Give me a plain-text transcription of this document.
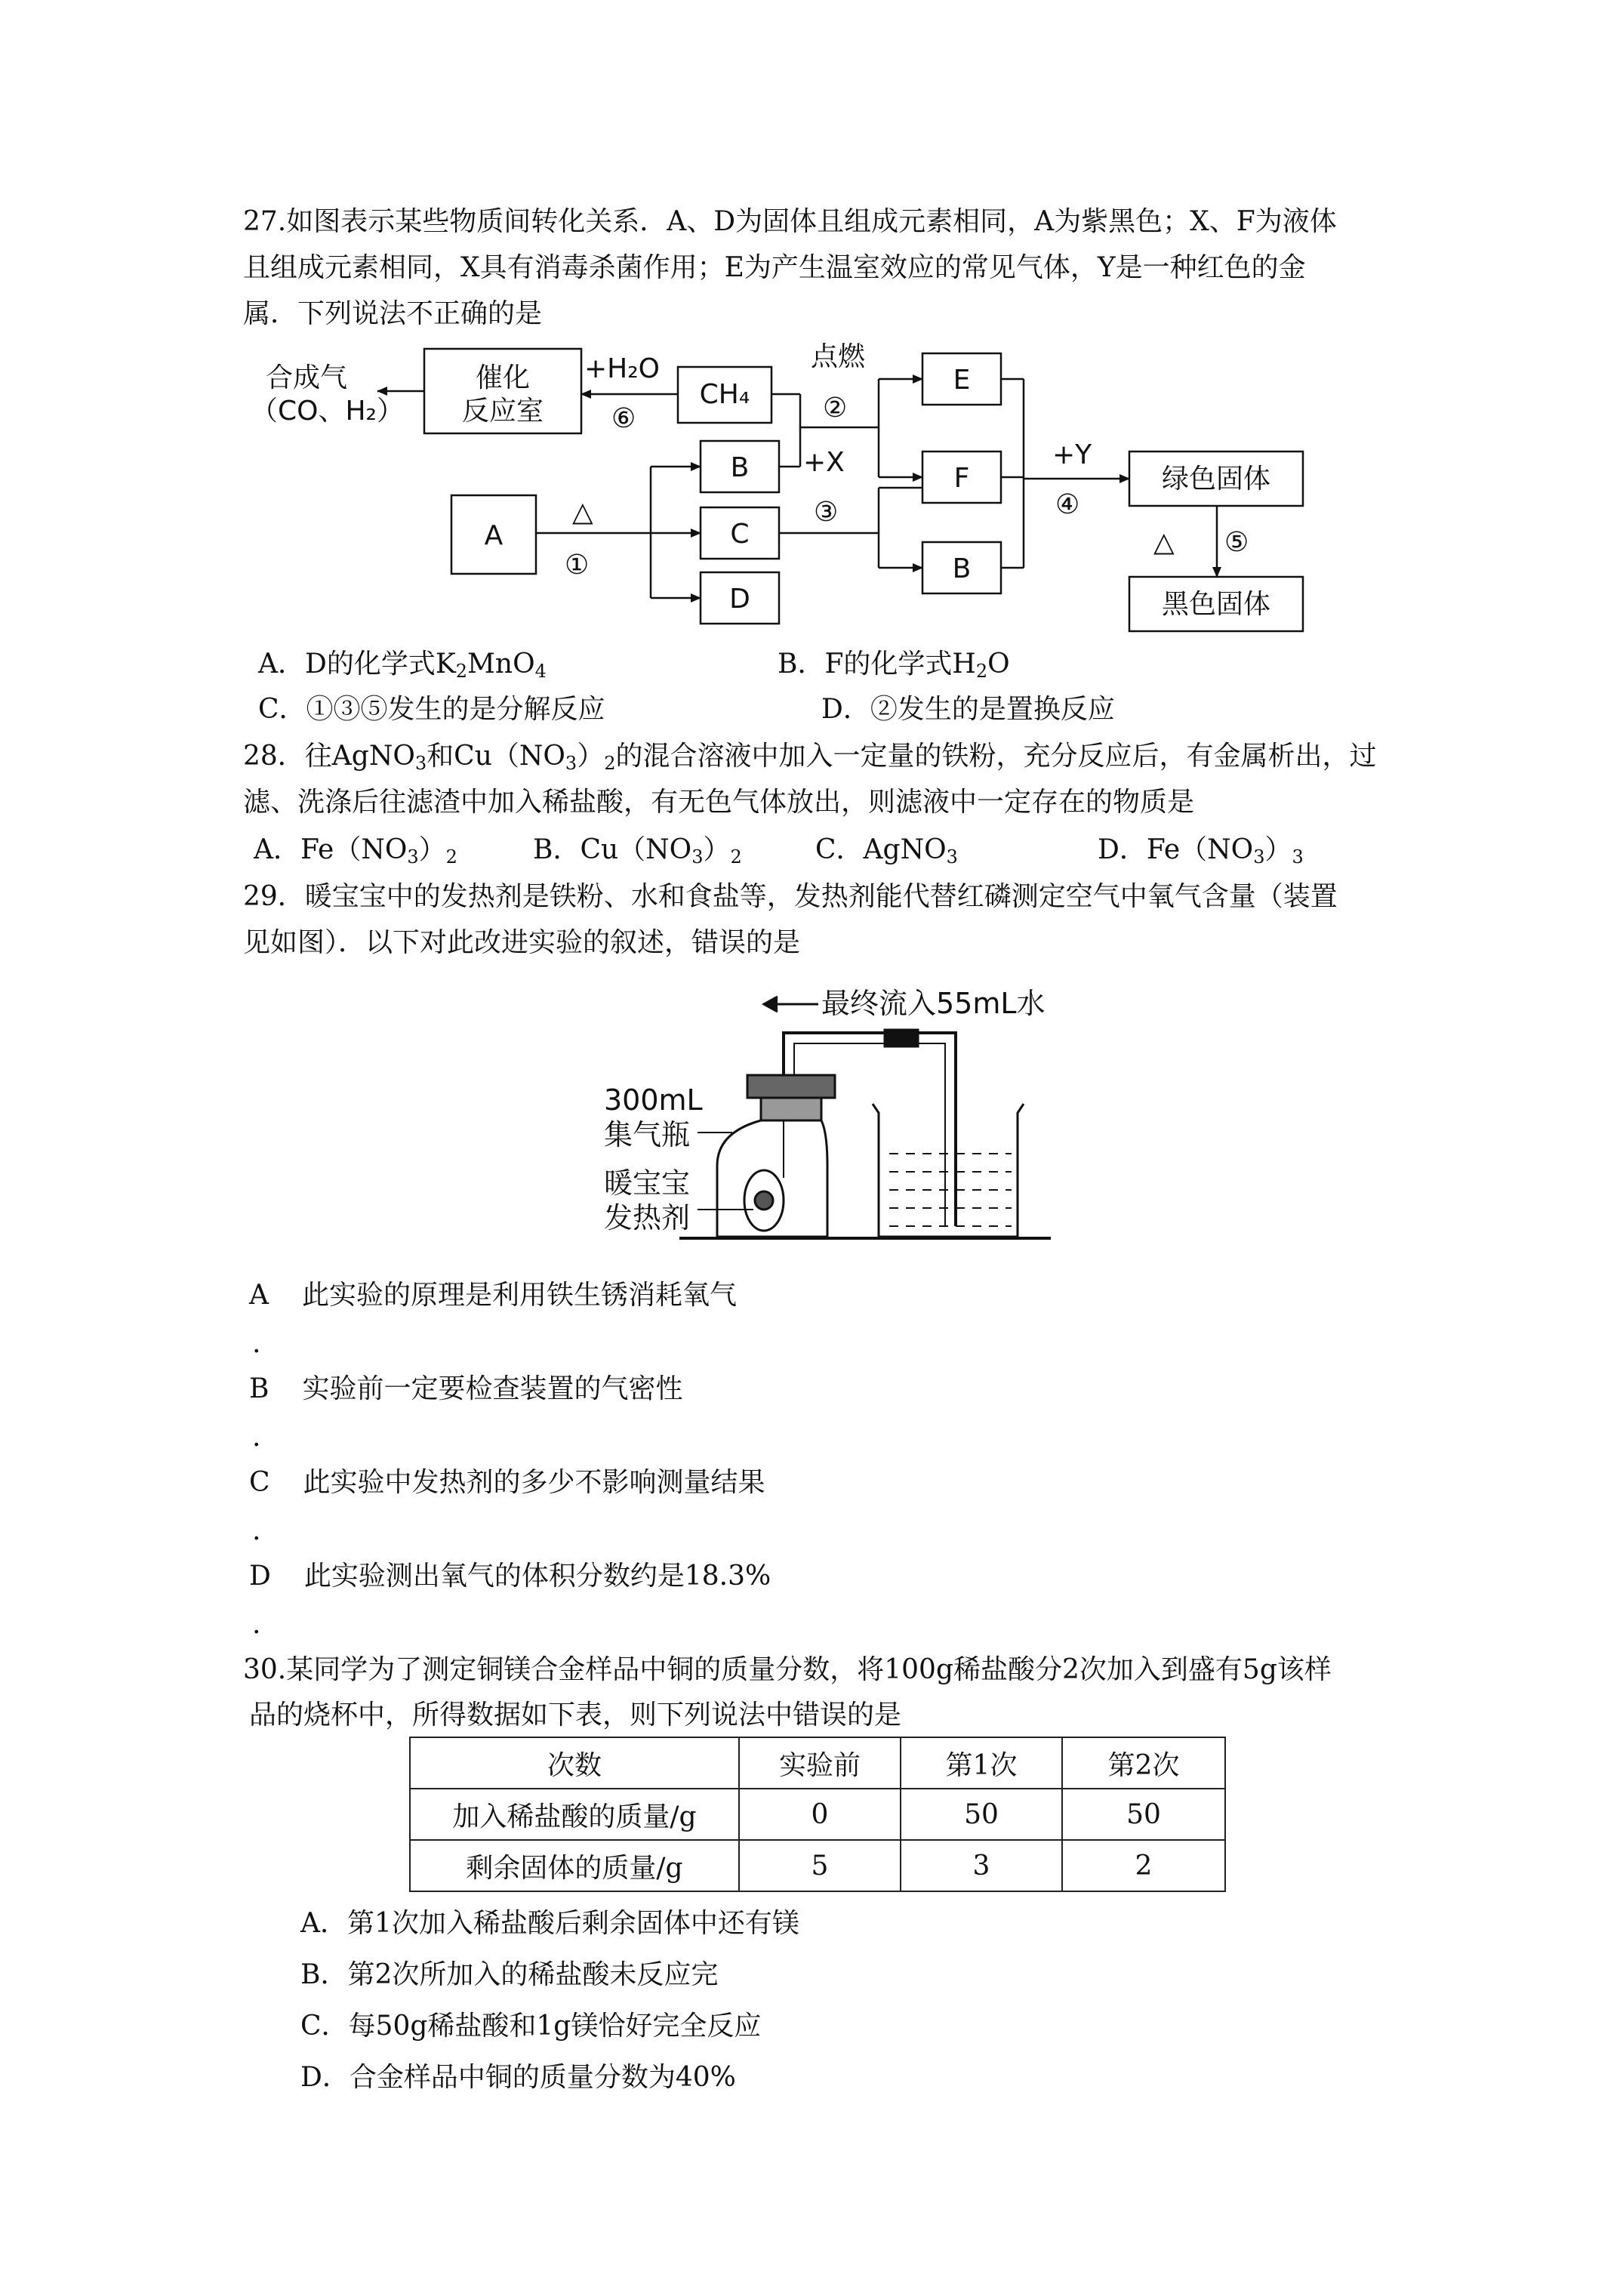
27.如图表示某些物质间转化关系．A、D为固体且组成元素相同，A为紫黑色；X、F为液体
且组成元素相同，X具有消毒杀菌作用；E为产生温室效应的常见气体，Y是一种红色的金
属．下列说法不正确的是
合成气
（CO、H₂）
催化
反应室
+H₂O
⑥
CH₄
点燃
②
E
F
B
B
C
D
A
+X
△
①
③
+Y
④
绿色固体
△ ⑤
黑色固体
A．D的化学式$K_2MnO_4$	B．F的化学式$H_2O$
C．①③⑤发生的是分解反应	D．②发生的是置换反应
28．往AgNO$_3$和$Cu(NO_3)_2$的混合溶液中加入一定量的铁粉，充分反应后，有金属析出，过
滤、洗涤后往滤渣中加入稀盐酸，有无色气体放出，则滤液中一定存在的物质是
A．$Fe(NO_3)_2$	B．$Cu(NO_3)_2$	C．AgNO$_3$	D．$Fe(NO_3)_3$
29．暖宝宝中的发热剂是铁粉、水和食盐等，发热剂能代替红磷测定空气中氧气含量（装置
见如图）．以下对此改进实验的叙述，错误的是
最终流入55mL水
300mL
集气瓶
暖宝宝
发热剂
A 此实验的原理是利用铁生锈消耗氧气
.
B 实验前一定要检查装置的气密性
.
C 此实验中发热剂的多少不影响测量结果
.
D 此实验测出氧气的体积分数约是18.3%
.
30.某同学为了测定铜镁合金样品中铜的质量分数，将100g稀盐酸分2次加入到盛有5g该样
品的烧杯中，所得数据如下表，则下列说法中错误的是
次数	实验前	第1次	第2次
加入稀盐酸的质量/g	0	50	50
剩余固体的质量/g	5	3	2
A．第1次加入稀盐酸后剩余固体中还有镁
B．第2次所加入的稀盐酸未反应完
C．每50g稀盐酸和1g镁恰好完全反应
D．合金样品中铜的质量分数为40%
